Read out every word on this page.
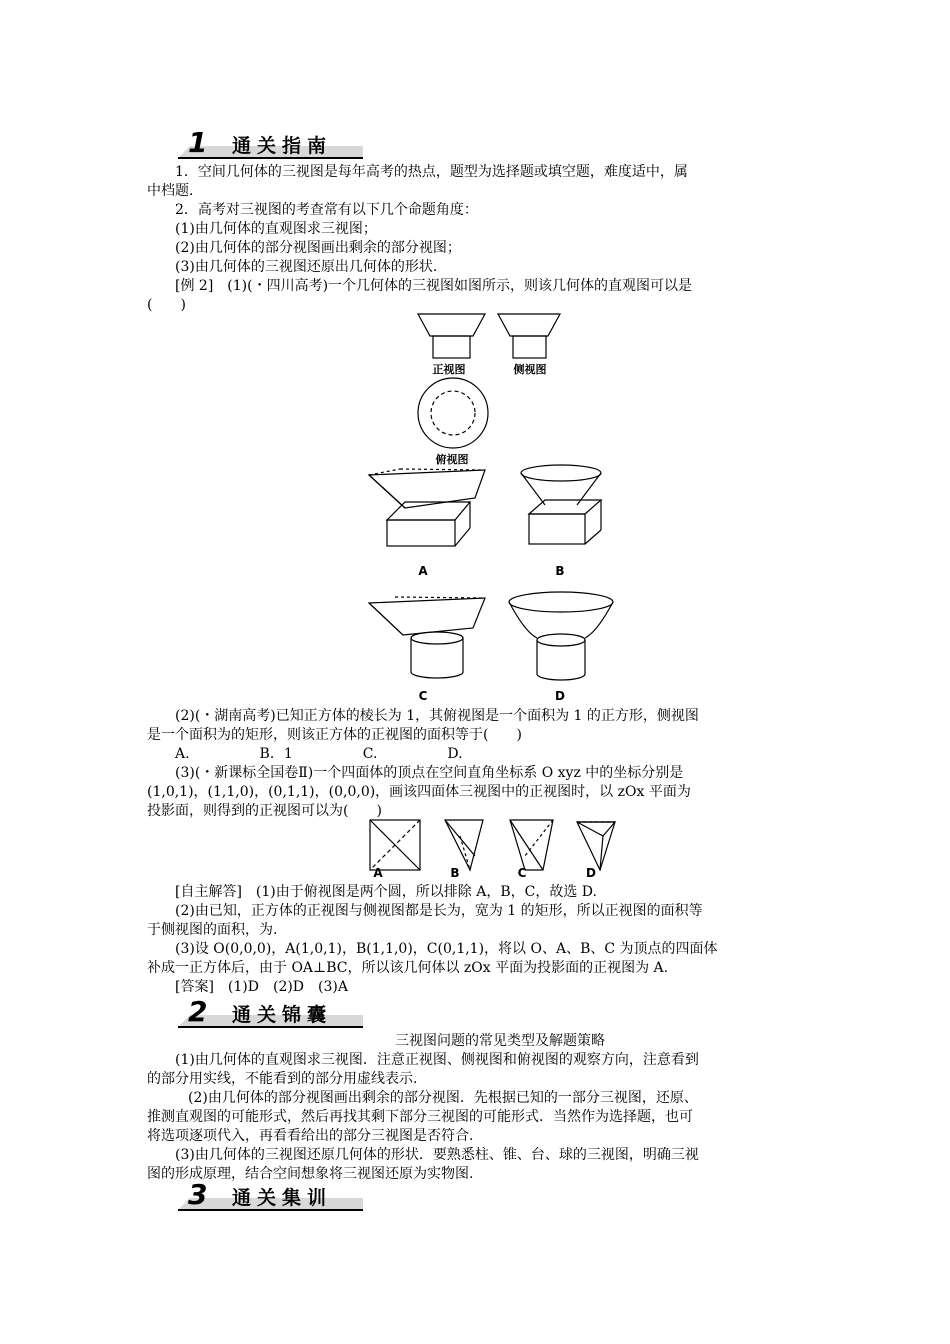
1 通关指南
1．空间几何体的三视图是每年高考的热点，题型为选择题或填空题，难度适中，属
中档题.
2．高考对三视图的考查常有以下几个命题角度：
(1)由几何体的直观图求三视图；
(2)由几何体的部分视图画出剩余的部分视图；
(3)由几何体的三视图还原出几何体的形状.
[例 2]　(1)(・四川高考)一个几何体的三视图如图所示，则该几何体的直观图可以是
(　　)
正视图	侧视图
俯视图
A	B
C	D
(2)(・湖南高考)已知正方体的棱长为 1，其俯视图是一个面积为 1 的正方形，侧视图
是一个面积为的矩形，则该正方体的正视图的面积等于(　　)
A.　　　　　B．1　　　　　C.　　　　　D.
(3)(・新课标全国卷Ⅱ)一个四面体的顶点在空间直角坐标系 O xyz 中的坐标分别是
(1,0,1)，(1,1,0)，(0,1,1)，(0,0,0)，画该四面体三视图中的正视图时，以 zOx 平面为
投影面，则得到的正视图可以为(　　)
A	B	C	D
[自主解答]　(1)由于俯视图是两个圆，所以排除 A，B，C，故选 D.
(2)由已知，正方体的正视图与侧视图都是长为，宽为 1 的矩形，所以正视图的面积等
于侧视图的面积，为.
(3)设 O(0,0,0)，A(1,0,1)，B(1,1,0)，C(0,1,1)，将以 O、A、B、C 为顶点的四面体
补成一正方体后，由于 OA⊥BC，所以该几何体以 zOx 平面为投影面的正视图为 A.
[答案]　(1)D　(2)D　(3)A
2 通关锦囊
三视图问题的常见类型及解题策略
(1)由几何体的直观图求三视图．注意正视图、侧视图和俯视图的观察方向，注意看到
的部分用实线，不能看到的部分用虚线表示.
(2)由几何体的部分视图画出剩余的部分视图．先根据已知的一部分三视图，还原、
推测直观图的可能形式，然后再找其剩下部分三视图的可能形式．当然作为选择题，也可
将选项逐项代入，再看看给出的部分三视图是否符合.
(3)由几何体的三视图还原几何体的形状．要熟悉柱、锥、台、球的三视图，明确三视
图的形成原理，结合空间想象将三视图还原为实物图.
3 通关集训
